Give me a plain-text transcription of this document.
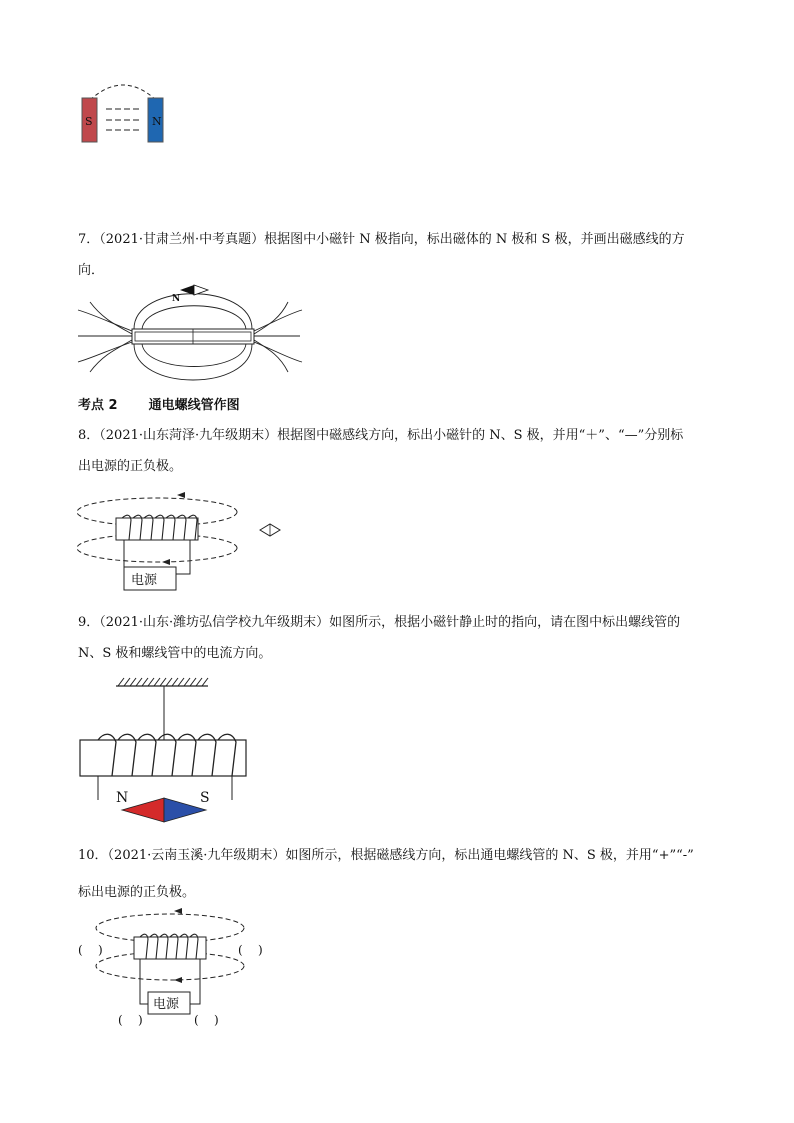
S	N
7．（2021·甘肃兰州·中考真题）根据图中小磁针 N 极指向，标出磁体的 N 极和 S 极，并画出磁感线的方
向．
N
考点 2 通电螺线管作图
8．（2021·山东菏泽·九年级期末）根据图中磁感线方向，标出小磁针的 N、S 极，并用“＋”、“—”分别标
出电源的正负极。
电源
9．（2021·山东·潍坊弘信学校九年级期末）如图所示，根据小磁针静止时的指向，请在图中标出螺线管的
N、S 极和螺线管中的电流方向。
N	S
10．（2021·云南玉溪·九年级期末）如图所示，根据磁感线方向，标出通电螺线管的 N、S 极，并用“+”“-”
标出电源的正负极。
电源
(    )	(    )
(    )	(    )
